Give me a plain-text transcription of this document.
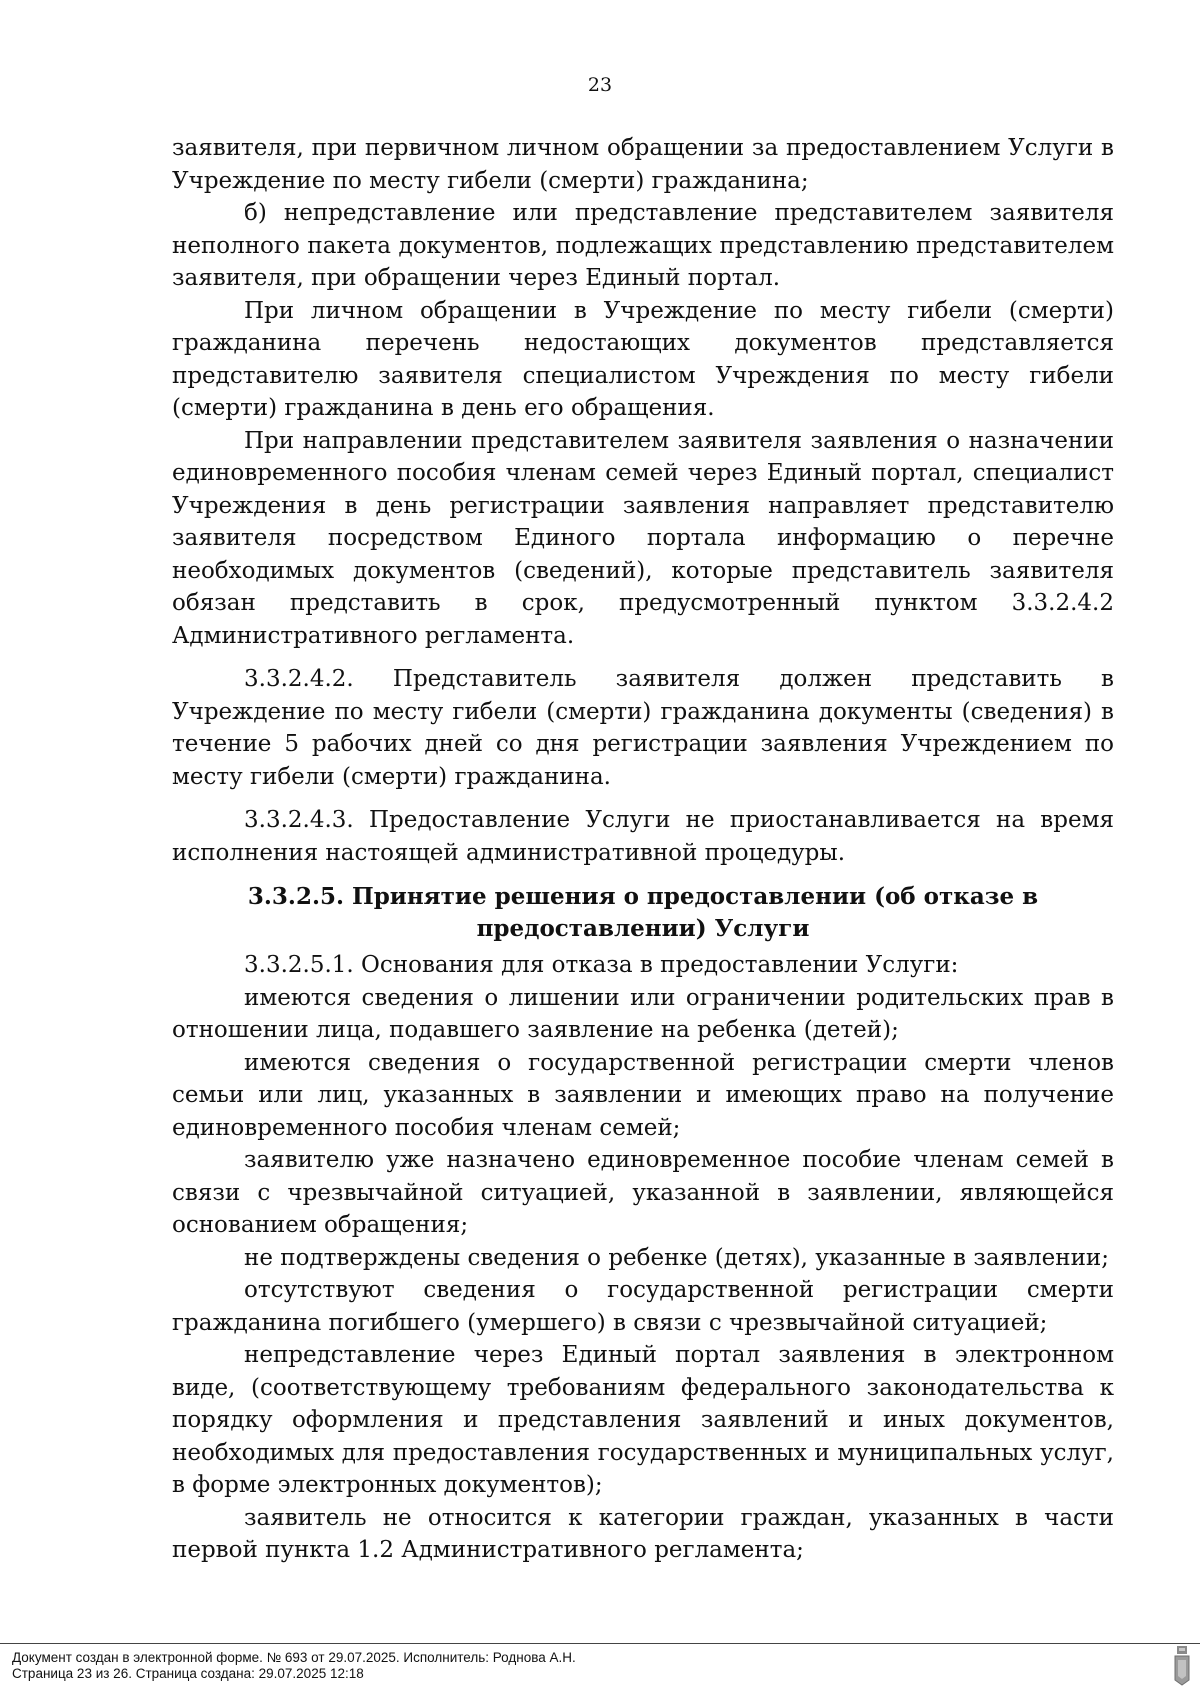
23

заявителя, при первичном личном обращении за предоставлением Услуги в Учреждение по месту гибели (смерти) гражданина;

б) непредставление или представление представителем заявителя неполного пакета документов, подлежащих представлению представителем заявителя, при обращении через Единый портал.

При личном обращении в Учреждение по месту гибели (смерти) гражданина перечень недостающих документов представляется представителю заявителя специалистом Учреждения по месту гибели (смерти) гражданина в день его обращения.

При направлении представителем заявителя заявления о назначении единовременного пособия членам семей через Единый портал, специалист Учреждения в день регистрации заявления направляет представителю заявителя посредством Единого портала информацию о перечне необходимых документов (сведений), которые представитель заявителя обязан представить в срок, предусмотренный пунктом 3.3.2.4.2 Административного регламента.

3.3.2.4.2. Представитель заявителя должен представить в Учреждение по месту гибели (смерти) гражданина документы (сведения) в течение 5 рабочих дней со дня регистрации заявления Учреждением по месту гибели (смерти) гражданина.

3.3.2.4.3. Предоставление Услуги не приостанавливается на время исполнения настоящей административной процедуры.

3.3.2.5. Принятие решения о предоставлении (об отказе в предоставлении) Услуги

3.3.2.5.1. Основания для отказа в предоставлении Услуги:

имеются сведения о лишении или ограничении родительских прав в отношении лица, подавшего заявление на ребенка (детей);

имеются сведения о государственной регистрации смерти членов семьи или лиц, указанных в заявлении и имеющих право на получение единовременного пособия членам семей;

заявителю уже назначено единовременное пособие членам семей в связи с чрезвычайной ситуацией, указанной в заявлении, являющейся основанием обращения;

не подтверждены сведения о ребенке (детях), указанные в заявлении;

отсутствуют сведения о государственной регистрации смерти гражданина погибшего (умершего) в связи с чрезвычайной ситуацией;

непредставление через Единый портал заявления в электронном виде, (соответствующему требованиям федерального законодательства к порядку оформления и представления заявлений и иных документов, необходимых для предоставления государственных и муниципальных услуг, в форме электронных документов);

заявитель не относится к категории граждан, указанных в части первой пункта 1.2 Административного регламента;

Документ создан в электронной форме. № 693 от 29.07.2025. Исполнитель: Роднова А.Н.
Страница 23 из 26. Страница создана: 29.07.2025 12:18
